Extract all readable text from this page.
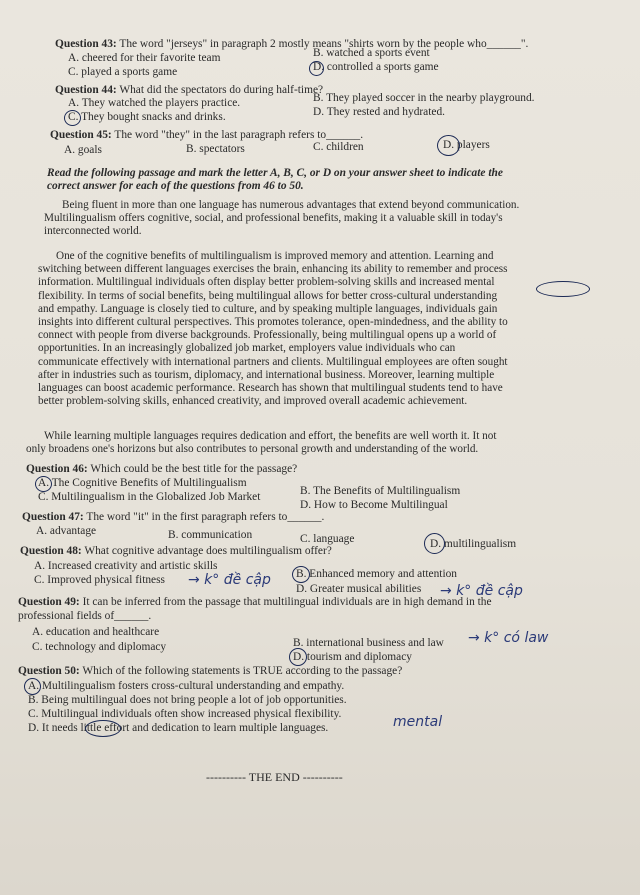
Question 43: The word "jerseys" in paragraph 2 mostly means "shirts worn by the people who______".
A. cheered for their favorite team	B. watched a sports event
C. played a sports game	D. controlled a sports game
Question 44: What did the spectators do during half-time?
A. They watched the players practice.	B. They played soccer in the nearby playground.
C. They bought snacks and drinks.	D. They rested and hydrated.
Question 45: The word "they" in the last paragraph refers to______.
A. goals	B. spectators	C. children	D. players
Read the following passage and mark the letter A, B, C, or D on your answer sheet to indicate the
correct answer for each of the questions from 46 to 50.
Being fluent in more than one language has numerous advantages that extend beyond communication.
Multilingualism offers cognitive, social, and professional benefits, making it a valuable skill in today's
interconnected world.
One of the cognitive benefits of multilingualism is improved memory and attention. Learning and
switching between different languages exercises the brain, enhancing its ability to remember and process
information. Multilingual individuals often display better problem-solving skills and increased mental
flexibility. In terms of social benefits, being multilingual allows for better cross-cultural understanding
and empathy. Language is closely tied to culture, and by speaking multiple languages, individuals gain
insights into different cultural perspectives. This promotes tolerance, open-mindedness, and the ability to
connect with people from diverse backgrounds. Professionally, being multilingual opens up a world of
opportunities. In an increasingly globalized job market, employers value individuals who can
communicate effectively with international partners and clients. Multilingual employees are often sought
after in industries such as tourism, diplomacy, and international business. Moreover, learning multiple
languages can boost academic performance. Research has shown that multilingual students tend to have
better problem-solving skills, enhanced creativity, and improved overall academic achievement.
While learning multiple languages requires dedication and effort, the benefits are well worth it. It not
only broadens one's horizons but also contributes to personal growth and understanding of the world.
Question 46: Which could be the best title for the passage?
A. The Cognitive Benefits of Multilingualism
B. The Benefits of Multilingualism
C. Multilingualism in the Globalized Job Market
D. How to Become Multilingual
Question 47: The word "it" in the first paragraph refers to______.
A. advantage	B. communication	C. language	D. multilingualism
Question 48: What cognitive advantage does multilingualism offer?
A. Increased creativity and artistic skills
B. Enhanced memory and attention
C. Improved physical fitness
D. Greater musical abilities
→ k° đề cập
→ k° đề cập
Question 49: It can be inferred from the passage that multilingual individuals are in high demand in the
professional fields of______.
A. education and healthcare
B. international business and law
C. technology and diplomacy
D. tourism and diplomacy
→ k° có law
Question 50: Which of the following statements is TRUE according to the passage?
A. Multilingualism fosters cross-cultural understanding and empathy.
B. Being multilingual does not bring people a lot of job opportunities.
C. Multilingual individuals often show increased physical flexibility.
D. It needs little effort and dedication to learn multiple languages.	mental
---------- THE END ----------
